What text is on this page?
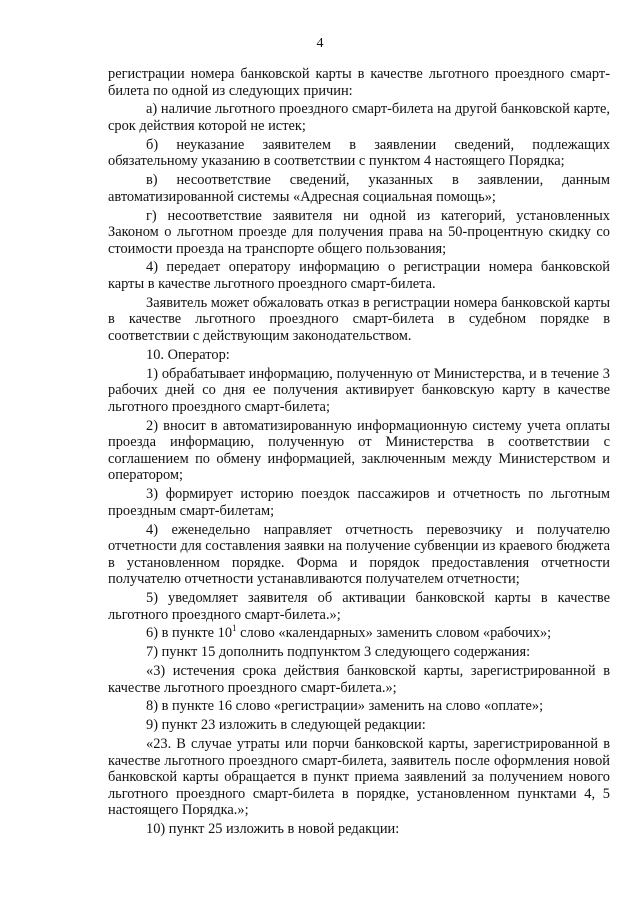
4

регистрации номера банковской карты в качестве льготного проездного смарт-билета по одной из следующих причин:

а) наличие льготного проездного смарт-билета на другой банковской карте, срок действия которой не истек;

б) неуказание заявителем в заявлении сведений, подлежащих обязательному указанию в соответствии с пунктом 4 настоящего Порядка;

в) несоответствие сведений, указанных в заявлении, данным автоматизированной системы «Адресная социальная помощь»;

г) несоответствие заявителя ни одной из категорий, установленных Законом о льготном проезде для получения права на 50-процентную скидку со стоимости проезда на транспорте общего пользования;

4) передает оператору информацию о регистрации номера банковской карты в качестве льготного проездного смарт-билета.

Заявитель может обжаловать отказ в регистрации номера банковской карты в качестве льготного проездного смарт-билета в судебном порядке в соответствии с действующим законодательством.

10. Оператор:

1) обрабатывает информацию, полученную от Министерства, и в течение 3 рабочих дней со дня ее получения активирует банковскую карту в качестве льготного проездного смарт-билета;

2) вносит в автоматизированную информационную систему учета оплаты проезда информацию, полученную от Министерства в соответствии с соглашением по обмену информацией, заключенным между Министерством и оператором;

3) формирует историю поездок пассажиров и отчетность по льготным проездным смарт-билетам;

4) еженедельно направляет отчетность перевозчику и получателю отчетности для составления заявки на получение субвенции из краевого бюджета в установленном порядке. Форма и порядок предоставления отчетности получателю отчетности устанавливаются получателем отчетности;

5) уведомляет заявителя об активации банковской карты в качестве льготного проездного смарт-билета.»;

6) в пункте $10^1$ слово «календарных» заменить словом «рабочих»;

7) пункт 15 дополнить подпунктом 3 следующего содержания:

«3) истечения срока действия банковской карты, зарегистрированной в качестве льготного проездного смарт-билета.»;

8) в пункте 16 слово «регистрации» заменить на слово «оплате»;

9) пункт 23 изложить в следующей редакции:

«23. В случае утраты или порчи банковской карты, зарегистрированной в качестве льготного проездного смарт-билета, заявитель после оформления новой банковской карты обращается в пункт приема заявлений за получением нового льготного проездного смарт-билета в порядке, установленном пунктами 4, 5 настоящего Порядка.»;

10) пункт 25 изложить в новой редакции:
